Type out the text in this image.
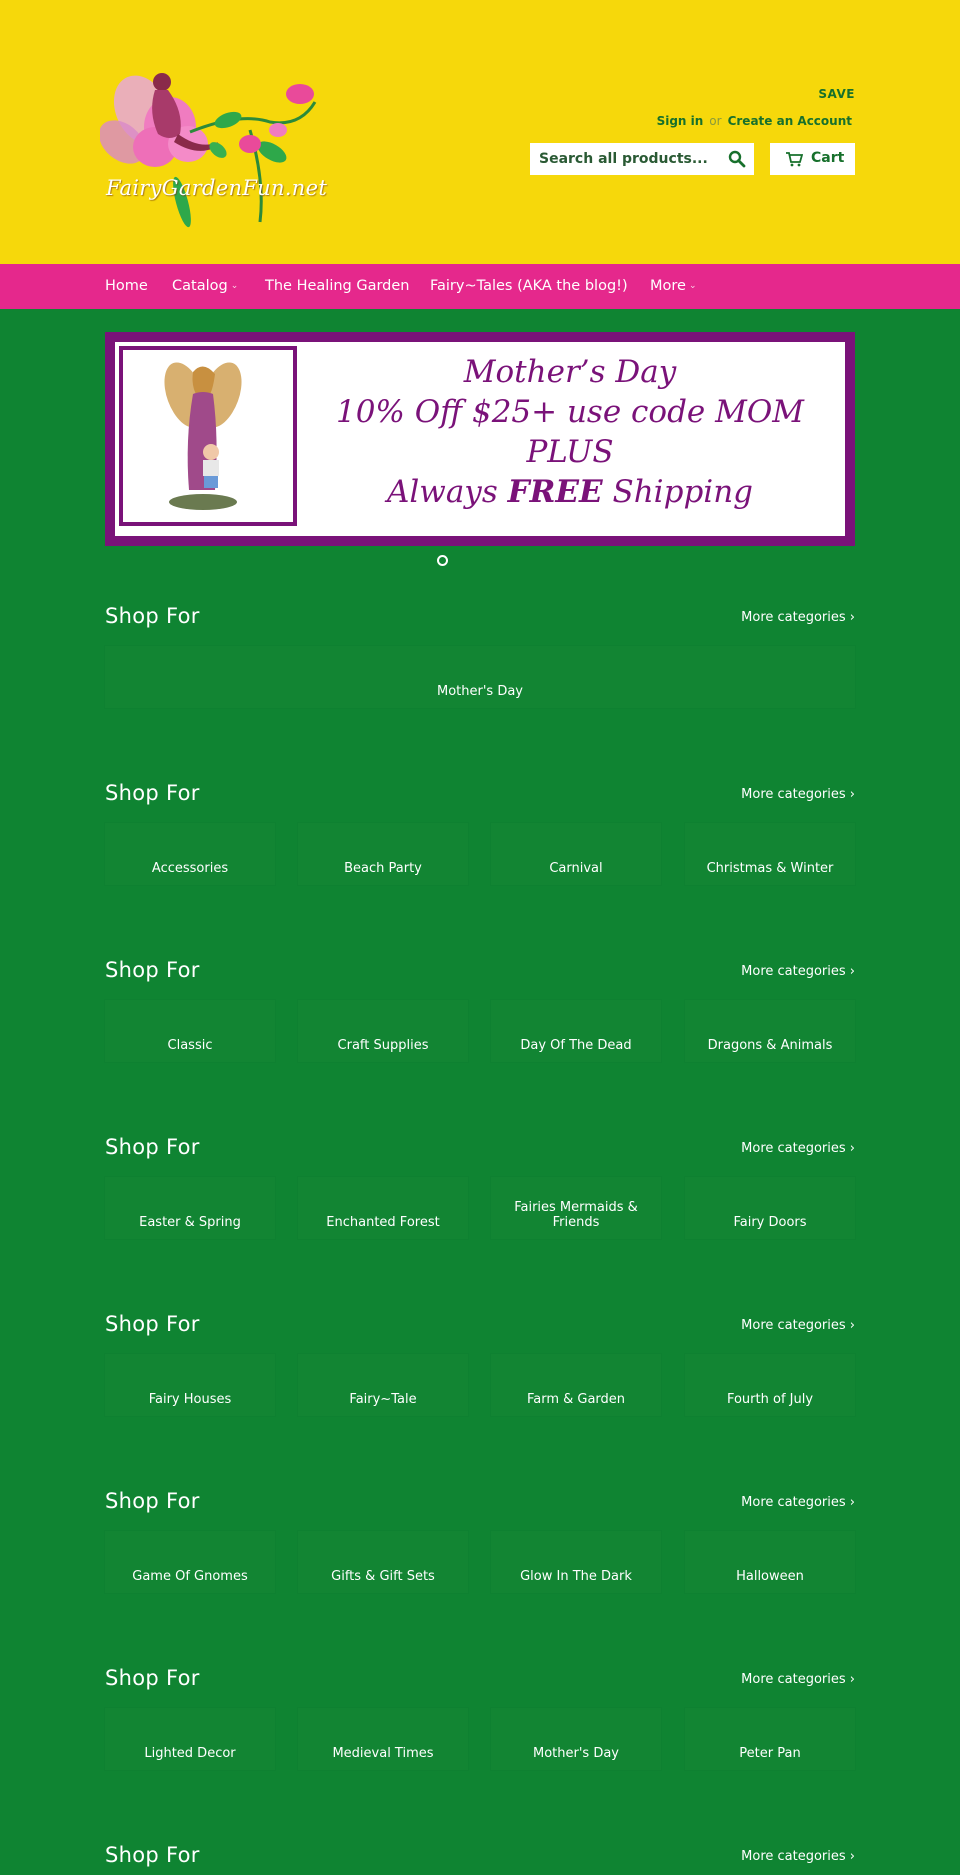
FairyGardenFun.net
SAVE
Sign in or Create an Account
Search all products...
Cart
Home Catalog ⌄ The Healing Garden Fairy~Tales (AKA the blog!) More ⌄
Mother’s Day
10% Off $25+ use code MOM
PLUS
Always FREE Shipping
Shop For	More categories ›
Mother's Day
Shop For	More categories ›
Accessories	Beach Party	Carnival	Christmas & Winter
Shop For	More categories ›
Classic	Craft Supplies	Day Of The Dead	Dragons & Animals
Shop For	More categories ›
Easter & Spring	Enchanted Forest
Fairies Mermaids & Friends	Fairy Doors
Shop For	More categories ›
Fairy Houses	Fairy~Tale	Farm & Garden	Fourth of July
Shop For	More categories ›
Game Of Gnomes	Gifts & Gift Sets	Glow In The Dark	Halloween
Shop For	More categories ›
Lighted Decor	Medieval Times	Mother's Day	Peter Pan
Shop For	More categories ›
